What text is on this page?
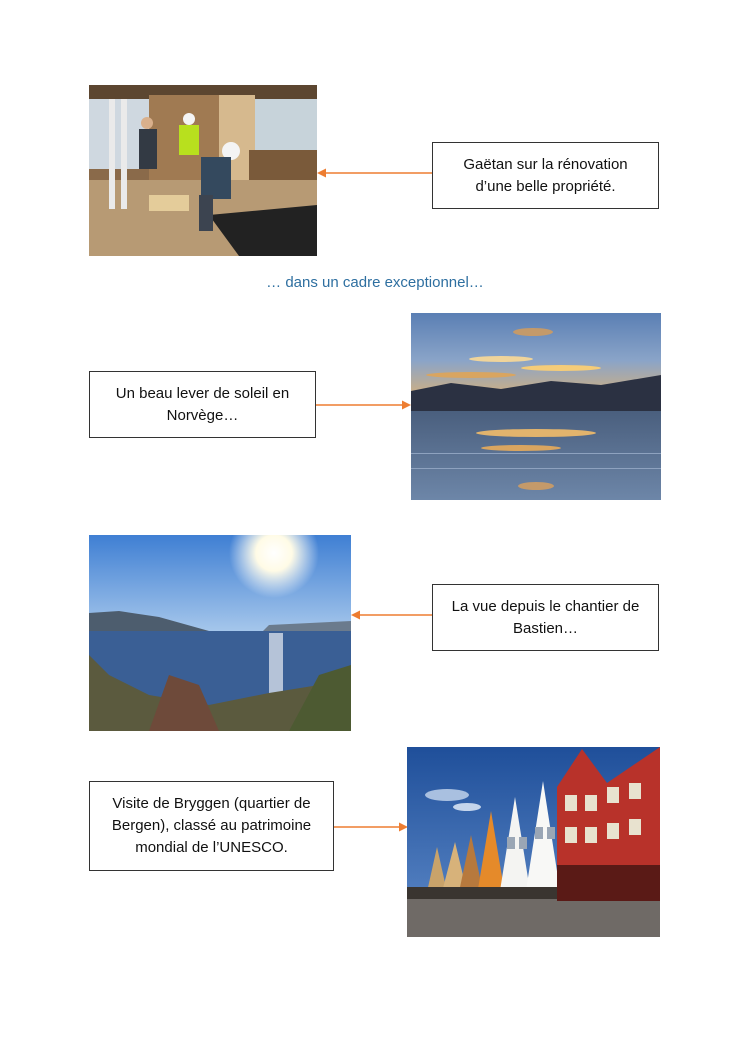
Gaëtan sur la rénovation d’une belle propriété.
… dans un cadre exceptionnel…
Un beau lever de soleil en Norvège…
La vue depuis le chantier de Bastien…
Visite de Bryggen (quartier de Bergen), classé au patrimoine mondial de l’UNESCO.
